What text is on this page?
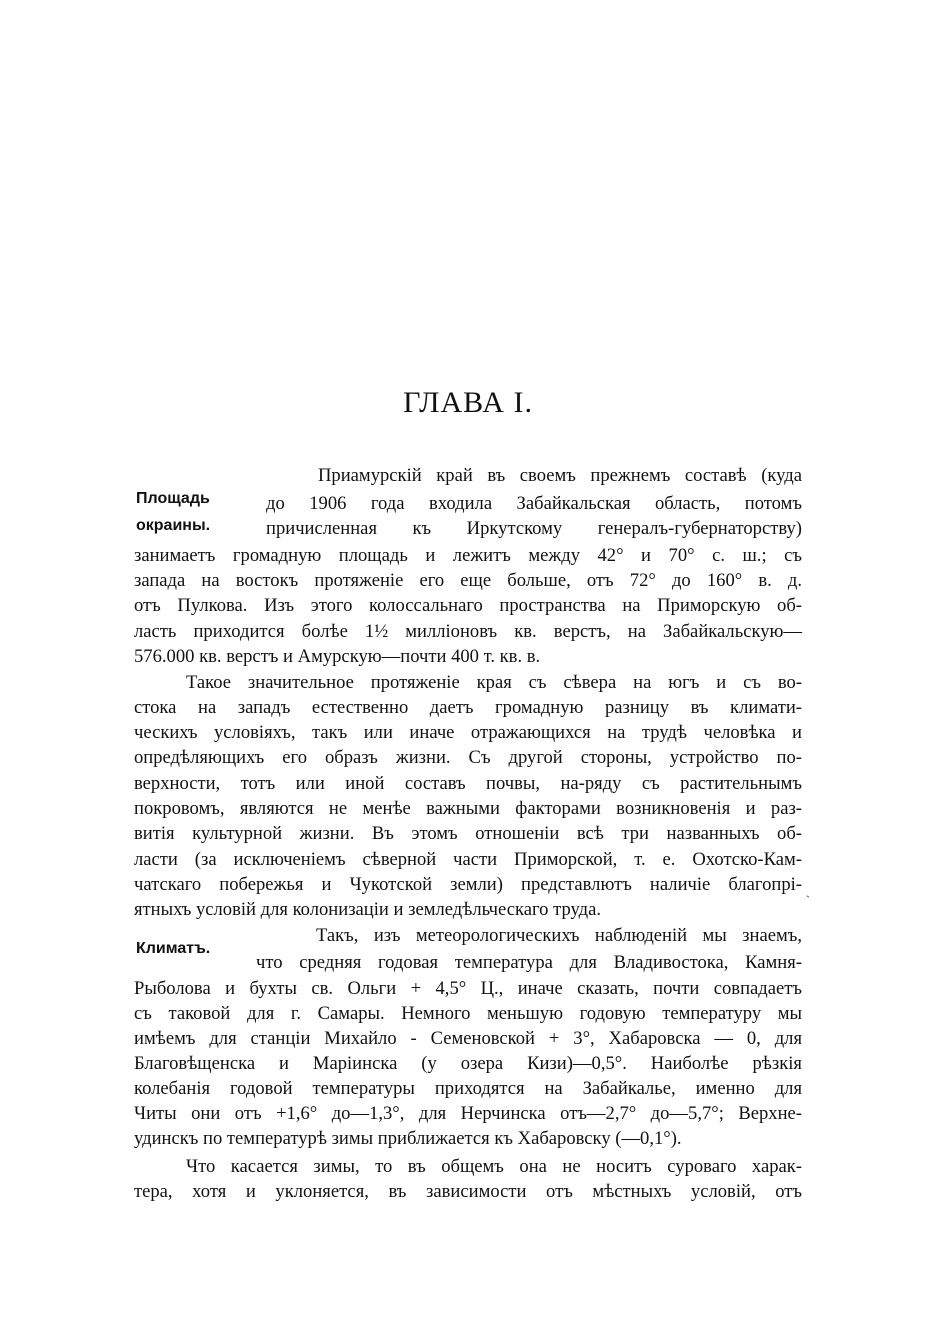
ГЛАВА I.
Площадь
окраины.
Климатъ.
Приамурскій край въ своемъ прежнемъ составѣ (куда
до 1906 года входила Забайкальская область, потомъ
причисленная къ Иркутскому генералъ-губернаторству)
занимаетъ громадную площадь и лежитъ между 42° и 70° с. ш.; съ
запада на востокъ протяженіе его еще больше, отъ 72° до 160° в. д.
отъ Пулкова. Изъ этого колоссальнаго пространства на Приморскую об-
ласть приходится болѣе 1½ милліоновъ кв. верстъ, на Забайкальскую—
576.000 кв. верстъ и Амурскую—почти 400 т. кв. в.
Такое значительное протяженіе края съ сѣвера на югъ и съ во-
стока на западъ естественно даетъ громадную разницу въ климати-
ческихъ условіяхъ, такъ или иначе отражающихся на трудѣ человѣка и
опредѣляющихъ его образъ жизни. Съ другой стороны, устройство по-
верхности, тотъ или иной составъ почвы, на-ряду съ растительнымъ
покровомъ, являются не менѣе важными факторами возникновенія и раз-
витія культурной жизни. Въ этомъ отношеніи всѣ три названныхъ об-
ласти (за исключеніемъ сѣверной части Приморской, т. е. Охотско-Кам-
чатскаго побережья и Чукотской земли) представлютъ наличіе благопрі-
ятныхъ условій для колонизаціи и земледѣльческаго труда.	ˋ
Такъ, изъ метеорологическихъ наблюденій мы знаемъ,
что средняя годовая температура для Владивостока, Камня-
Рыболова и бухты св. Ольги + 4,5° Ц., иначе сказать, почти совпадаетъ
съ таковой для г. Самары. Немного меньшую годовую температуру мы
имѣемъ для станціи Михайло - Семеновской + 3°, Хабаровска — 0, для
Благовѣщенска и Маріинска (у озера Кизи)—0,5°. Наиболѣе рѣзкія
колебанія годовой температуры приходятся на Забайкалье, именно для
Читы они отъ +1,6° до—1,3°, для Нерчинска отъ—2,7° до—5,7°; Верхне-
удинскъ по температурѣ зимы приближается къ Хабаровску (—0,1°).
Что касается зимы, то въ общемъ она не носитъ суроваго харак-
тера, хотя и уклоняется, въ зависимости отъ мѣстныхъ условій, отъ
